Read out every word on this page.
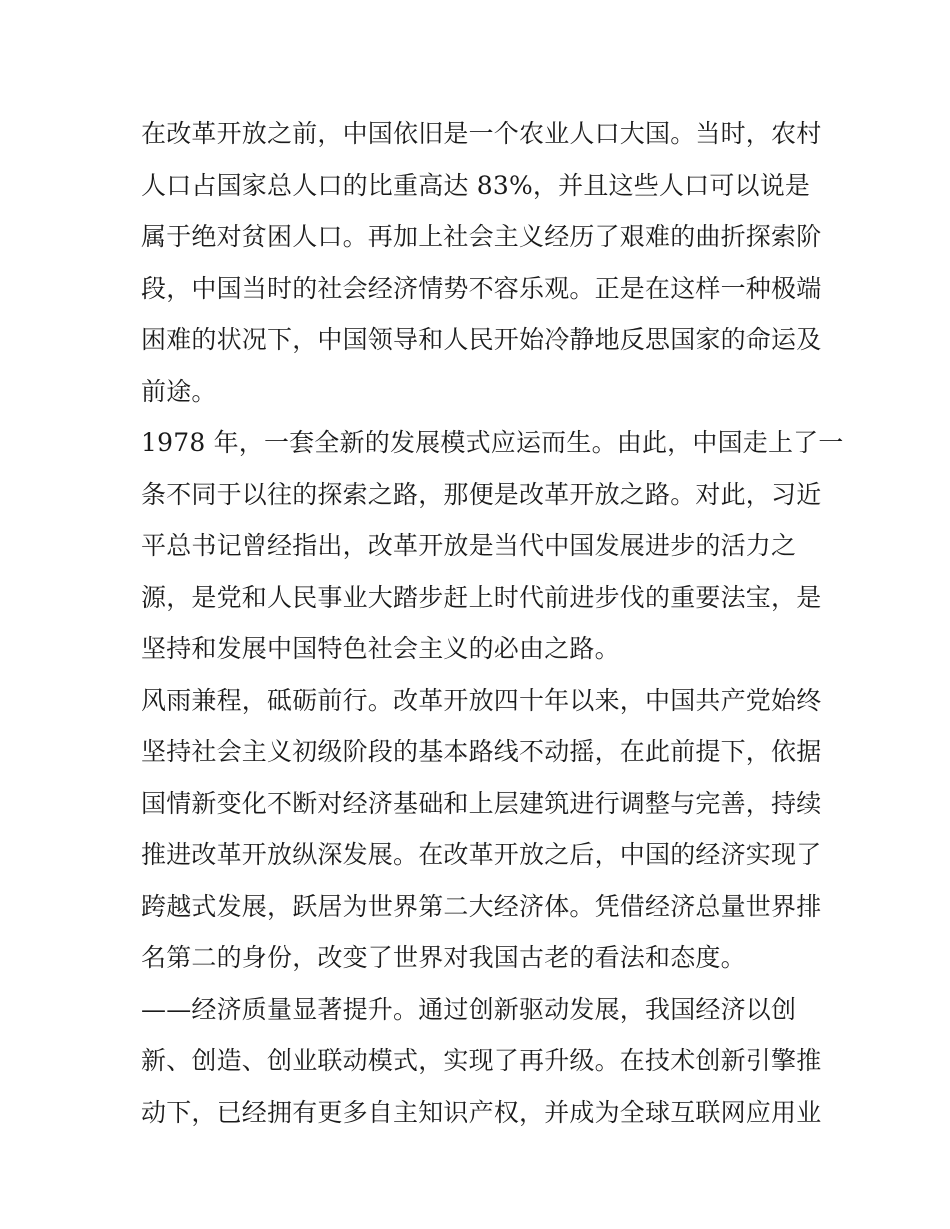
在改革开放之前，中国依旧是一个农业人口大国。当时，农村
人口占国家总人口的比重高达 83%，并且这些人口可以说是
属于绝对贫困人口。再加上社会主义经历了艰难的曲折探索阶
段，中国当时的社会经济情势不容乐观。正是在这样一种极端
困难的状况下，中国领导和人民开始冷静地反思国家的命运及
前途。
1978 年，一套全新的发展模式应运而生。由此，中国走上了一
条不同于以往的探索之路，那便是改革开放之路。对此，习近
平总书记曾经指出，改革开放是当代中国发展进步的活力之
源，是党和人民事业大踏步赶上时代前进步伐的重要法宝，是
坚持和发展中国特色社会主义的必由之路。
风雨兼程，砥砺前行。改革开放四十年以来，中国共产党始终
坚持社会主义初级阶段的基本路线不动摇，在此前提下，依据
国情新变化不断对经济基础和上层建筑进行调整与完善，持续
推进改革开放纵深发展。在改革开放之后，中国的经济实现了
跨越式发展，跃居为世界第二大经济体。凭借经济总量世界排
名第二的身份，改变了世界对我国古老的看法和态度。
——经济质量显著提升。通过创新驱动发展，我国经济以创
新、创造、创业联动模式，实现了再升级。在技术创新引擎推
动下，已经拥有更多自主知识产权，并成为全球互联网应用业
